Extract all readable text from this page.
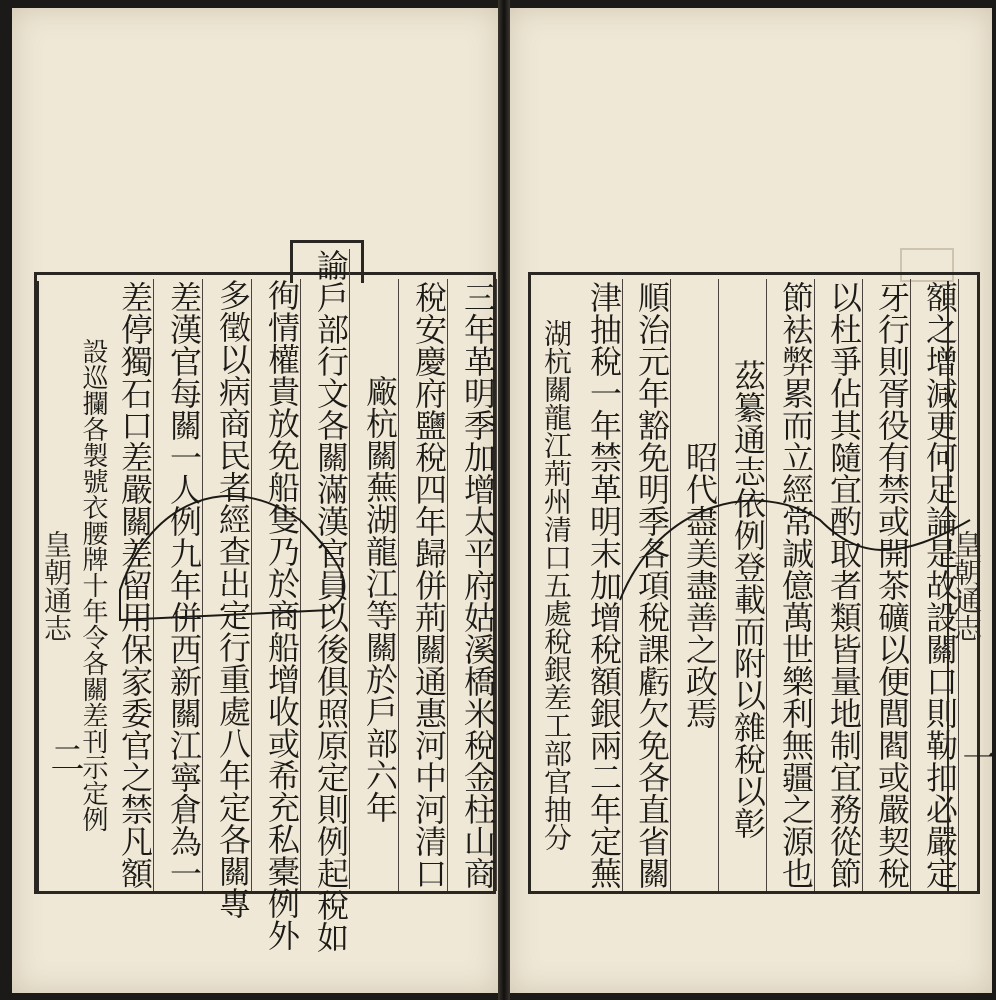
皇朝通志	三年革明季加增太平府姑溪橋米稅金柱山商
稅安慶府鹽稅四年歸併荊關通惠河中河清口
廠杭關蕪湖龍江等關於戶部六年
諭戶部行文各關滿漢官員以後俱照原定則例起稅如
徇情權貴放免船隻乃於商船增收或希充私橐例外
多徵以病商民者經查出定行重處八年定各關專
差漢官每關一人例九年併西新關江寧倉為一
差停獨石口差嚴關差留用保家委官之禁凡額
設巡攔各製號衣腰牌十年令各關差刊示定例
二	額之增減更何足論是故設關口則勒扣必嚴定
牙行則胥役有禁或開茶礦以便閭閻或嚴契稅
以杜爭佔其隨宜酌取者類皆量地制宜務從節
節袪弊累而立經常誠億萬世樂利無疆之源也
茲纂通志依例登載而附以雜稅以彰
昭代盡美盡善之政焉
順治元年豁免明季各項稅課虧欠免各直省關
津抽稅一年禁革明末加增稅額銀兩二年定蕪
湖杭關龍江荊州清口五處稅銀差工部官抽分	皇朝通志
一
